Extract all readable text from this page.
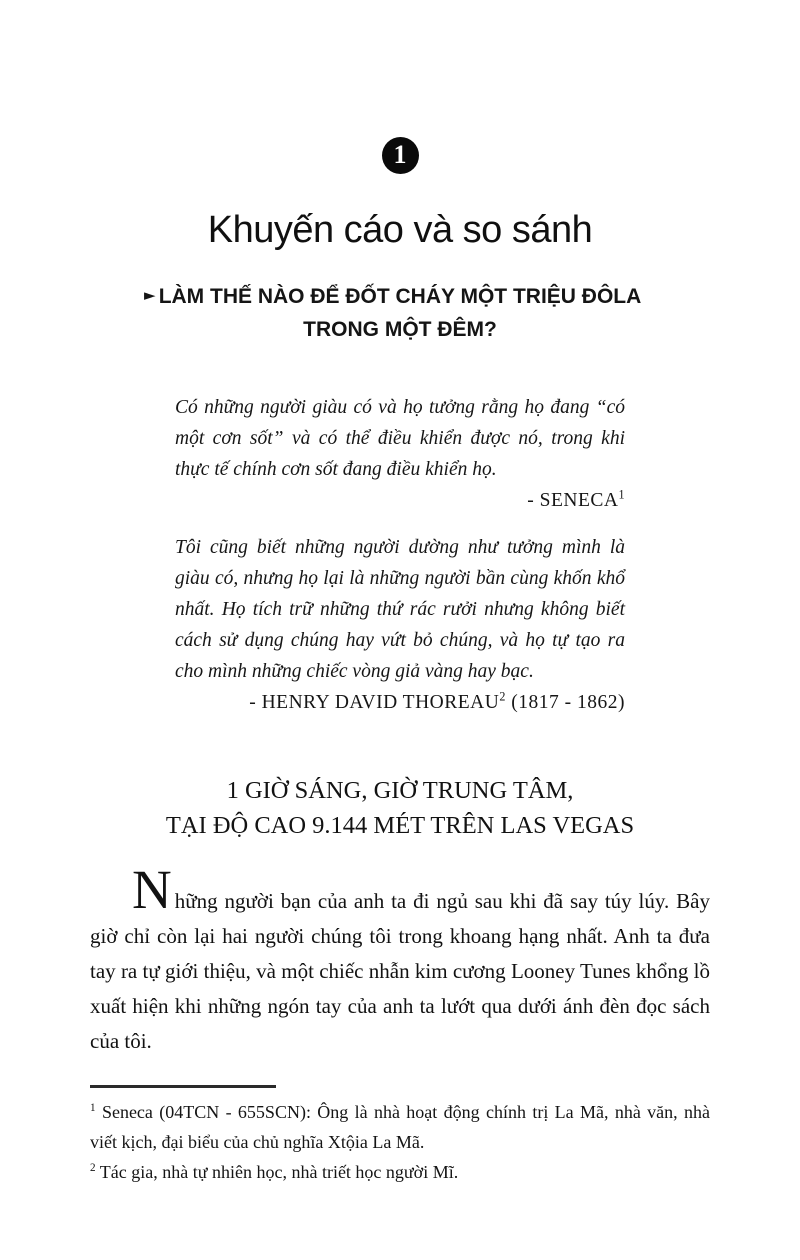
1
Khuyến cáo và so sánh
► LÀM THẾ NÀO ĐỂ ĐỐT CHÁY MỘT TRIỆU ĐÔLA
TRONG MỘT ĐÊM?

Có những người giàu có và họ tưởng rằng họ đang “có một cơn sốt” và có thể điều khiển được nó, trong khi thực tế chính cơn sốt đang điều khiển họ.

- SENECA$^1$

Tôi cũng biết những người dường như tưởng mình là giàu có, nhưng họ lại là những người bần cùng khốn khổ nhất. Họ tích trữ những thứ rác rưởi nhưng không biết cách sử dụng chúng hay vứt bỏ chúng, và họ tự tạo ra cho mình những chiếc vòng giả vàng hay bạc.

- HENRY DAVID THOREAU$^2$ (1817 - 1862)

1 GIỜ SÁNG, GIỜ TRUNG TÂM,
TẠI ĐỘ CAO 9.144 MÉT TRÊN LAS VEGAS

Những người bạn của anh ta đi ngủ sau khi đã say túy lúy. Bây giờ chỉ còn lại hai người chúng tôi trong khoang hạng nhất. Anh ta đưa tay ra tự giới thiệu, và một chiếc nhẫn kim cương Looney Tunes khổng lồ xuất hiện khi những ngón tay của anh ta lướt qua dưới ánh đèn đọc sách của tôi.

$^1$ Seneca (04TCN - 655SCN): Ông là nhà hoạt động chính trị La Mã, nhà văn, nhà viết kịch, đại biểu của chủ nghĩa Xtộia La Mã.

$^2$ Tác gia, nhà tự nhiên học, nhà triết học người Mĩ.
